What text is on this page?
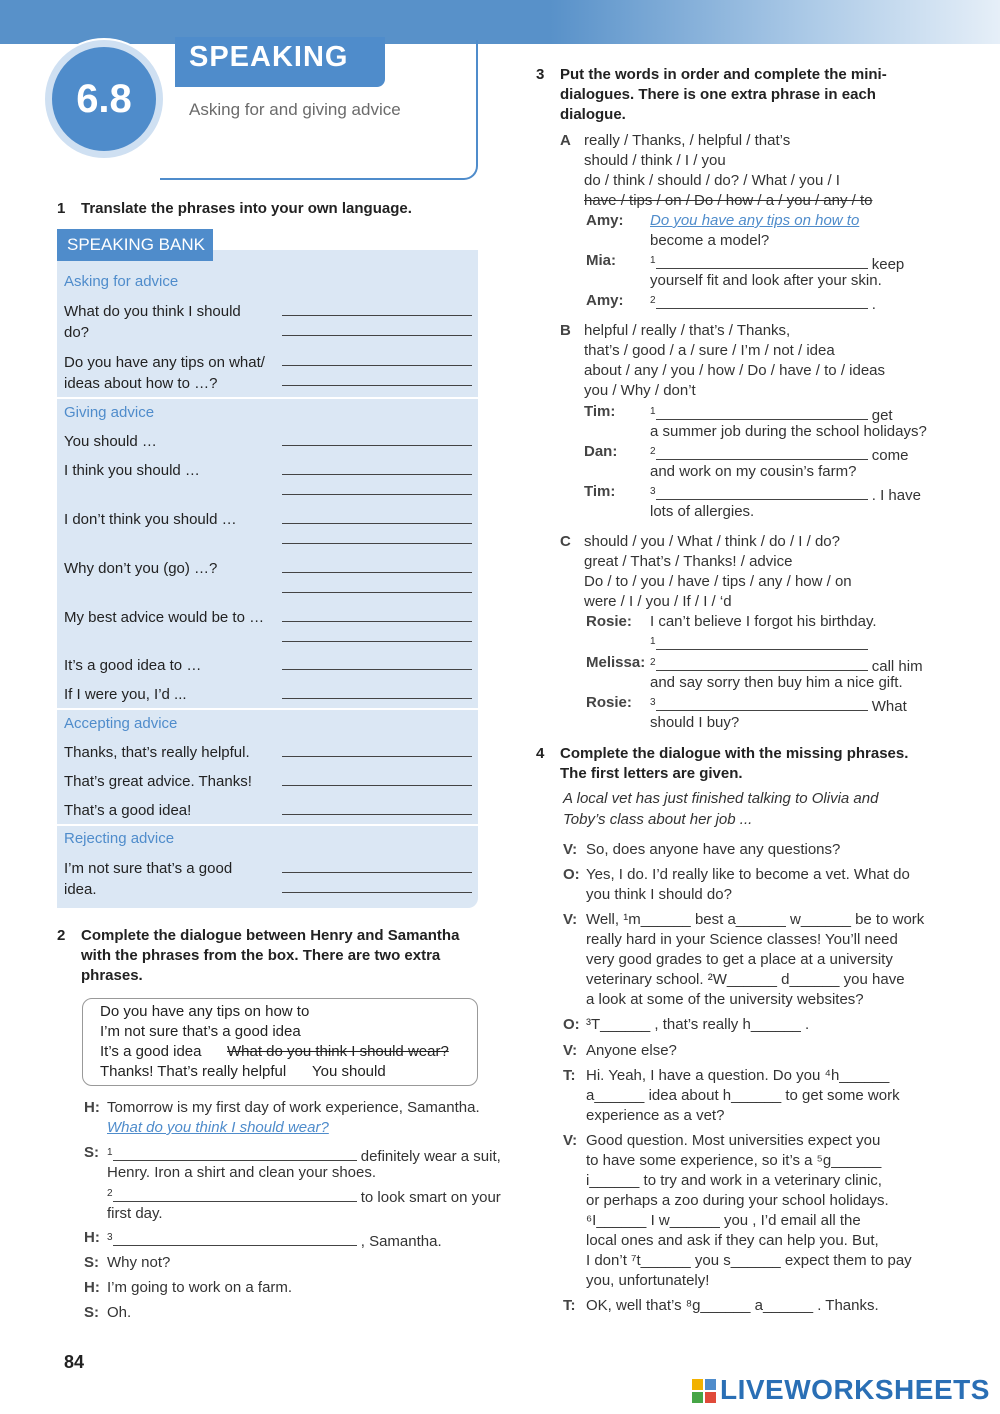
SPEAKING
6.8	Asking for and giving advice
1 Translate the phrases into your own language.
Asking for advice
What do you think I should
do?
Do you have any tips on what/
ideas about how to …?
Giving advice
You should …
I think you should …
I don’t think you should …
Why don’t you (go) …?
My best advice would be to …
It’s a good idea to …
If I were you, I’d ...
Accepting advice
Thanks, that’s really helpful.
That’s great advice. Thanks!
That’s a good idea!
Rejecting advice
I’m not sure that’s a good
idea.
SPEAKING BANK
2 Complete the dialogue between Henry and Samantha
with the phrases from the box. There are two extra
phrases.
Do you have any tips on how to
I’m not sure that’s a good idea
It’s a good idea What do you think I should wear?
Thanks! That’s really helpful You should
H: Tomorrow is my first day of work experience, Samantha.
What do you think I should wear?
S: $^1$	definitely wear a suit,
Henry. Iron a shirt and clean your shoes.
$^2$	to look smart on your
first day.
H: $^3$	, Samantha.
S: Why not?
H: I’m going to work on a farm.
S: Oh.
3 Put the words in order and complete the mini-
dialogues. There is one extra phrase in each
dialogue.
A really / Thanks, / helpful / that’s
should / think / I / you
do / think / should / do? / What / you / I
have / tips / on / Do / how / a / you / any / to
Amy: Do you have any tips on how to
become a model?
Mia:	$^1$	keep
yourself fit and look after your skin.
Amy:	$^2$	.
B helpful / really / that’s / Thanks,
that’s / good / a / sure / I’m / not / idea
about / any / you / how / Do / have / to / ideas
you / Why / don’t
Tim:	$^1$	get
a summer job during the school holidays?
Dan:	$^2$	come
and work on my cousin’s farm?
Tim:	$^3$	. I have
lots of allergies.
C should / you / What / think / do / I / do?
great / That’s / Thanks! / advice
Do / to / you / have / tips / any / how / on
were / I / you / If / I / ‘d
Rosie: I can’t believe I forgot his birthday.
$^1$
Melissa: $^2$	call him
and say sorry then buy him a nice gift.
Rosie: $^3$	What
should I buy?
4 Complete the dialogue with the missing phrases.
The first letters are given.
A local vet has just finished talking to Olivia and
Toby’s class about her job ...
V: So, does anyone have any questions?
O: Yes, I do. I’d really like to become a vet. What do
you think I should do?
V: Well, ¹m______ best a______ w______ be to work
really hard in your Science classes! You’ll need
very good grades to get a place at a university
veterinary school. ²W______ d______ you have
a look at some of the university websites?
O: ³T______ , that’s really h______ .
V: Anyone else?
T: Hi. Yeah, I have a question. Do you ⁴h______
a______ idea about h______ to get some work
experience as a vet?
V: Good question. Most universities expect you
to have some experience, so it’s a ⁵g______
i______ to try and work in a veterinary clinic,
or perhaps a zoo during your school holidays.
⁶I______ I w______ you , I’d email all the
local ones and ask if they can help you. But,
I don’t ⁷t______ you s______ expect them to pay
you, unfortunately!
T: OK, well that’s ⁸g______ a______ . Thanks.
84
LIVEWORKSHEETS
